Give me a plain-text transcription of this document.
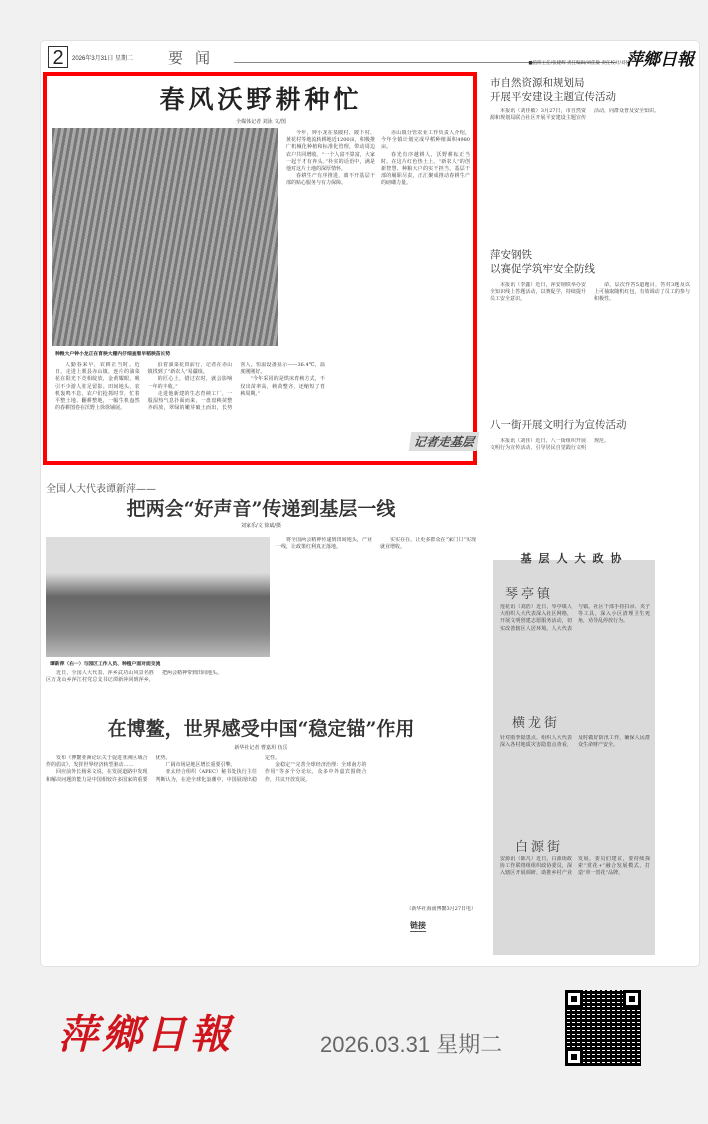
2	2026年3月31日 星期二 要闻	■值班主任/张建辉 责任编辑/刘佳敏 责任校对/刘佳
萍鄉日報
春风沃野耕种忙
全媒体记者 刘泳 文/图
种粮大户钟小龙正在育秧大棚内仔细查看早稻秧苗长势

人勤春来早，农耕正当时。近日，走进上栗县赤山镇，连片的油菜花在阳光下竞相绽放，金黄耀眼，吸引不少游人驻足留影。田间地头，农机轰鸣不息，农户们抢抓时节，忙着平整土地、翻耕整地，一幅生机盎然的春耕图卷在沃野上徐徐铺展。

沿着油菜花田前行，记者在赤山镇找到了“新农人”易疆琅。

的匠心上，错过农时，就会影响一年的丰收。”

走进他新建的生态育秧工厂，一股湿热气息扑面而来，一盘盘秧苗整齐码放，翠绿的嫩芽破土而出，长势喜人。恒温设备显示——36.4℃，温度刚刚好。

“今年采用的是烘床育秧方式，不仅出苗率高，秧苗整齐，还缩短了育秧周期。”

今年，钟小龙在泉陂村、陂下村、黄花村等地流转耕地近1200亩，积极推广机械化种植和标准化管理，带动周边农户共同增收。“一个人富不算富，大家一起干才有奔头。”朴实的话语中，满是他对这片土地的深厚情怀。

春耕生产有序推进，离不开基层干部的贴心服务与有力保障。

赤山镇分管农业工作负责人介绍，今年全镇计划完成早稻种植面积4980亩。

春光有序越耕人，沃野耕耘正当时。在这片红色热土上，“新农人”的创新智慧、种粮大户的实干担当、基层干部的履职尽责，正汇聚成推动春耕生产的磅礴力量。

记者走基层
全国人大代表谭新萍——
把两会“好声音”传递到基层一线
刘家乐/文 徐斌/摄
谭新萍（右一）与园区工作人员、种植户面对面交流

近日，全国人大代表、萍乡武功山风景名胜区万龙山乡萍江村党总支书记谭新萍回到萍乡，把两会精神带到田间地头。

将全国两会精神传递到田间地头，产业一线，让政策红利真正落地。

实实在在，让更多群众在“家门口”实现就业增收。

在博鳌，世界感受中国“稳定锚”作用
新华社记者 曹嘉玥 伍岳

发布《博鳌亚洲论坛关于促进亚洲区域合作的倡议》，发挥世界经济转型驱动……

回应前外长杨荣文说，在发展道路中发现和解决问题的能力是中国相较许多国家的重要优势。

广阔市场是地区增长重要引擎。

亚太经合组织（APEC）秘书处执行主任判断认为，在逆全球化浪潮中，中国展现出稳定性。

金稳定”“完善全球经济治理：全球南方的作用”等多个分论坛，众多中外嘉宾围绕合作，共议开放发展。

（新华社海南博鳌3月27日电）
链接
市自然资源和规划局
开展平安建设主题宣传活动

本报讯（刘佳敏）3月27日，市自然资源和规划局联合社区开展平安建设主题宣传活动，向群众普及安全知识。

萍安钢铁
以赛促学筑牢安全防线

本报讯（李鑫）近日，萍安钢铁举办安全知识线上答题活动，以赛促学，持续提升员工安全意识。

命，层次作答5道题目，答对3题及以上可抽取随机红包，有效调动了员工的参与积极性。

八一街开展文明行为宣传活动

本报讯（刘佳）近日，八一街组织开展文明行为宣传活动，引导居民自觉践行文明规范。

基层人大政协
琴亭镇
莲花讯（刘浩）近日，琴亭镇人大组织人大代表深入社区网格，开展文明创建志愿服务活动，切实改善辖区人居环境。人大代表与镇、社区干部手持扫帚、夹子等工具，深入小区清理卫生死角，劝导乱停放行为。
横龙街
针对雨季隐患点，组织人大代表深入各村地质灾害隐患点查看，及时做好防汛工作，确保人民群众生命财产安全。
白源街
安源讯（陈凡）近日，白源街政协工作联络组组织政协委员，深入辖区开展调研，助推乡村产业发展。委员们建议，要持续探索“赏花+”融合发展模式，打造“单一赏花”品牌。
萍鄉日報	2026.03.31 星期二
